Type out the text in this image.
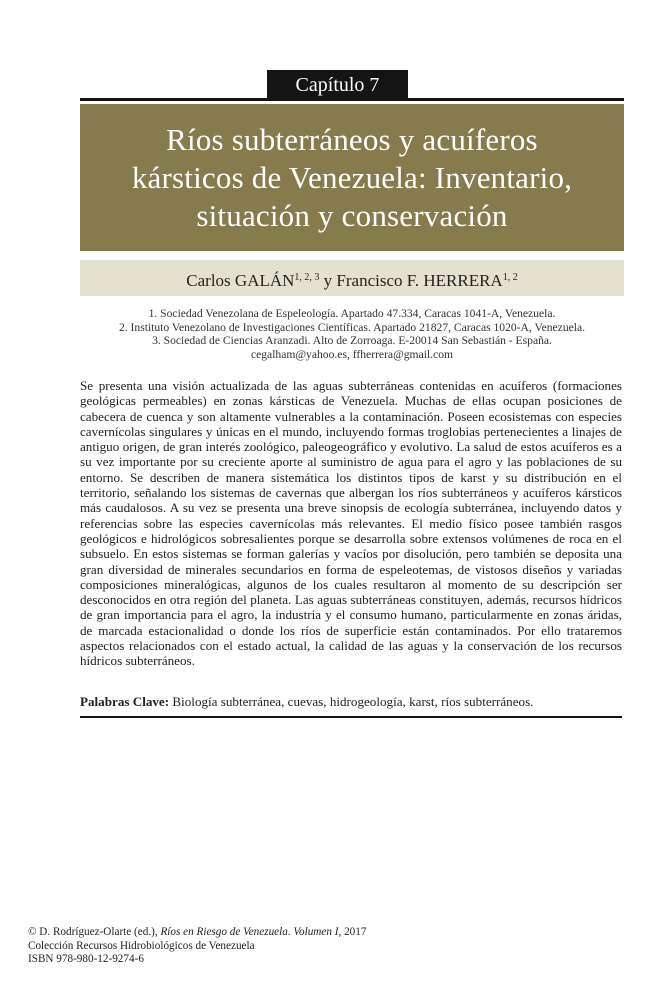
Capítulo 7
Ríos subterráneos y acuíferos
kársticos de Venezuela: Inventario,
situación y conservación
Carlos GALÁN$^{1, 2, 3}$ y Francisco F. HERRERA$^{1, 2}$
1. Sociedad Venezolana de Espeleología. Apartado 47.334, Caracas 1041-A, Venezuela.
2. Instituto Venezolano de Investigaciones Científicas. Apartado 21827, Caracas 1020-A, Venezuela.
3. Sociedad de Ciencias Aranzadi. Alto de Zorroaga. E-20014 San Sebastián - España.
cegalham@yahoo.es, ffherrera@gmail.com
Se presenta una visión actualizada de las aguas subterráneas contenidas en acuíferos (formaciones geológicas permeables) en zonas kársticas de Venezuela. Muchas de ellas ocupan posiciones de cabecera de cuenca y son altamente vulnerables a la contaminación. Poseen ecosistemas con especies cavernícolas singulares y únicas en el mundo, incluyendo formas troglobias pertenecientes a linajes de antiguo origen, de gran interés zoológico, paleogeográfico y evolutivo. La salud de estos acuíferos es a su vez importante por su creciente aporte al suministro de agua para el agro y las poblaciones de su entorno. Se describen de manera sistemática los distintos tipos de karst y su distribución en el territorio, señalando los sistemas de cavernas que albergan los ríos subterráneos y acuíferos kársticos más caudalosos. A su vez se presenta una breve sinopsis de ecología subterránea, incluyendo datos y referencias sobre las especies cavernícolas más relevantes. El medio físico posee también rasgos geológicos e hidrológicos sobresalientes porque se desarrolla sobre extensos volúmenes de roca en el subsuelo. En estos sistemas se forman galerías y vacíos por disolución, pero también se deposita una gran diversidad de minerales secundarios en forma de espeleotemas, de vistosos diseños y variadas composiciones mineralógicas, algunos de los cuales resultaron al momento de su descripción ser desconocidos en otra región del planeta. Las aguas subterráneas constituyen, además, recursos hídricos de gran importancia para el agro, la industria y el consumo humano, particularmente en zonas áridas, de marcada estacionalidad o donde los ríos de superficie están contaminados. Por ello trataremos aspectos relacionados con el estado actual, la calidad de las aguas y la conservación de los recursos hídricos subterráneos.
Palabras Clave: Biología subterránea, cuevas, hidrogeología, karst, ríos subterráneos.
© D. Rodríguez-Olarte (ed.), Ríos en Riesgo de Venezuela. Volumen I, 2017
Colección Recursos Hidrobiológicos de Venezuela
ISBN 978-980-12-9274-6
